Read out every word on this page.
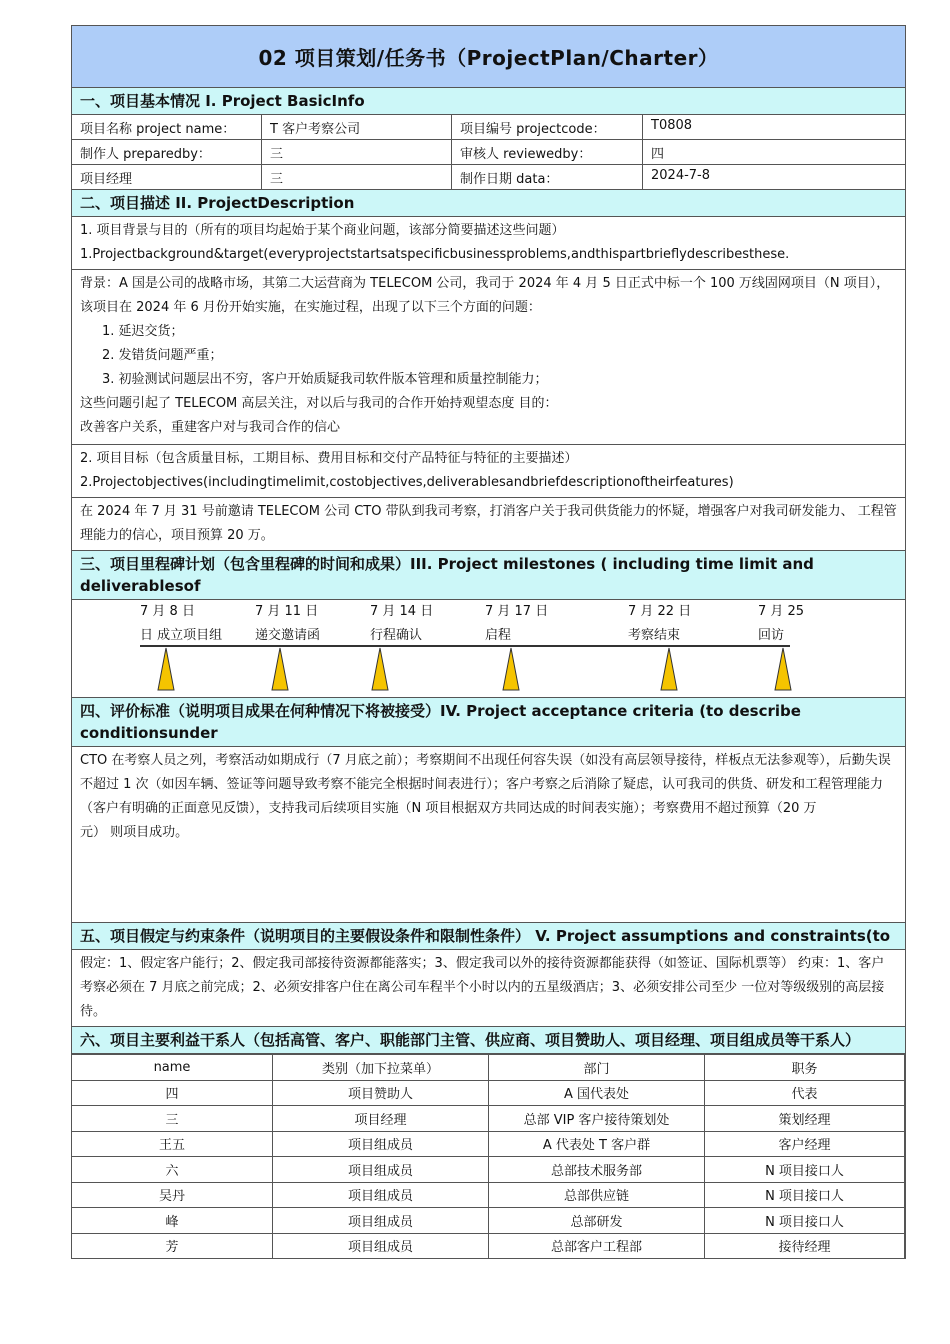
02 项目策划/任务书（ProjectPlan/Charter）
一、项目基本情况 I. Project BasicInfo
项目名称 project name：	T 客户考察公司	项目编号 projectcode：	T0808
制作人 preparedby：	三	审核人 reviewedby：	四
项目经理	三	制作日期 data：	2024-7-8
二、项目描述 II. ProjectDescription
1. 项目背景与目的（所有的项目均起始于某个商业问题，该部分简要描述这些问题）
1.Projectbackground&target(everyprojectstartsatspecificbusinessproblems,andthispartbrieflydescribesthese.
背景：A 国是公司的战略市场，其第二大运营商为 TELECOM 公司，我司于 2024 年 4 月 5 日正式中标一个 100 万线固网项目（N 项目），该项目在 2024 年 6 月份开始实施，在实施过程，出现了以下三个方面的问题：
1. 延迟交货；
2. 发错货问题严重；
3. 初验测试问题层出不穷，客户开始质疑我司软件版本管理和质量控制能力；
这些问题引起了 TELECOM 高层关注，对以后与我司的合作开始持观望态度 目的：
改善客户关系，重建客户对与我司合作的信心
2. 项目目标（包含质量目标，工期目标、费用目标和交付产品特征与特征的主要描述）
2.Projectobjectives(includingtimelimit,costobjectives,deliverablesandbriefdescriptionoftheirfeatures)
在 2024 年 7 月 31 号前邀请 TELECOM 公司 CTO 带队到我司考察，打消客户关于我司供货能力的怀疑，增强客户对我司研发能力、 工程管理能力的信心，项目预算 20 万。
三、项目里程碑计划（包含里程碑的时间和成果）III. Project milestones ( including time limit and deliverablesof
7 月 8 日
日 成立项目组
7 月 11 日
递交邀请函
7 月 14 日
行程确认
7 月 17 日
启程
7 月 22 日
考察结束
7 月 25
回访
四、评价标准（说明项目成果在何种情况下将被接受）IV. Project acceptance criteria (to describe conditionsunder
CTO 在考察人员之列，考察活动如期成行（7 月底之前）；考察期间不出现任何容失误（如没有高层领导接待，样板点无法参观等），后勤失误不超过 1 次（如因车辆、签证等问题导致考察不能完全根据时间表进行）；客户考察之后消除了疑虑，认可我司的供货、研发和工程管理能力（客户有明确的正面意见反馈），支持我司后续项目实施（N 项目根据双方共同达成的时间表实施）；考察费用不超过预算（20 万
元） 则项目成功。
五、项目假定与约束条件（说明项目的主要假设条件和限制性条件） V. Project assumptions and constraints(to
假定：1、假定客户能行；2、假定我司部接待资源都能落实；3、假定我司以外的接待资源都能获得（如签证、国际机票等） 约束：1、客户考察必须在 7 月底之前完成；2、必须安排客户住在离公司车程半个小时以内的五星级酒店；3、必须安排公司至少 一位对等级级别的高层接待。
六、项目主要利益干系人（包括高管、客户、职能部门主管、供应商、项目赞助人、项目经理、项目组成员等干系人）
name	类别（加下拉菜单）	部门	职务
四	项目赞助人	A 国代表处	代表
三	项目经理	总部 VIP 客户接待策划处	策划经理
王五	项目组成员	A 代表处 T 客户群	客户经理
六	项目组成员	总部技术服务部	N 项目接口人
吴丹	项目组成员	总部供应链	N 项目接口人
峰	项目组成员	总部研发	N 项目接口人
芳	项目组成员	总部客户工程部	接待经理
